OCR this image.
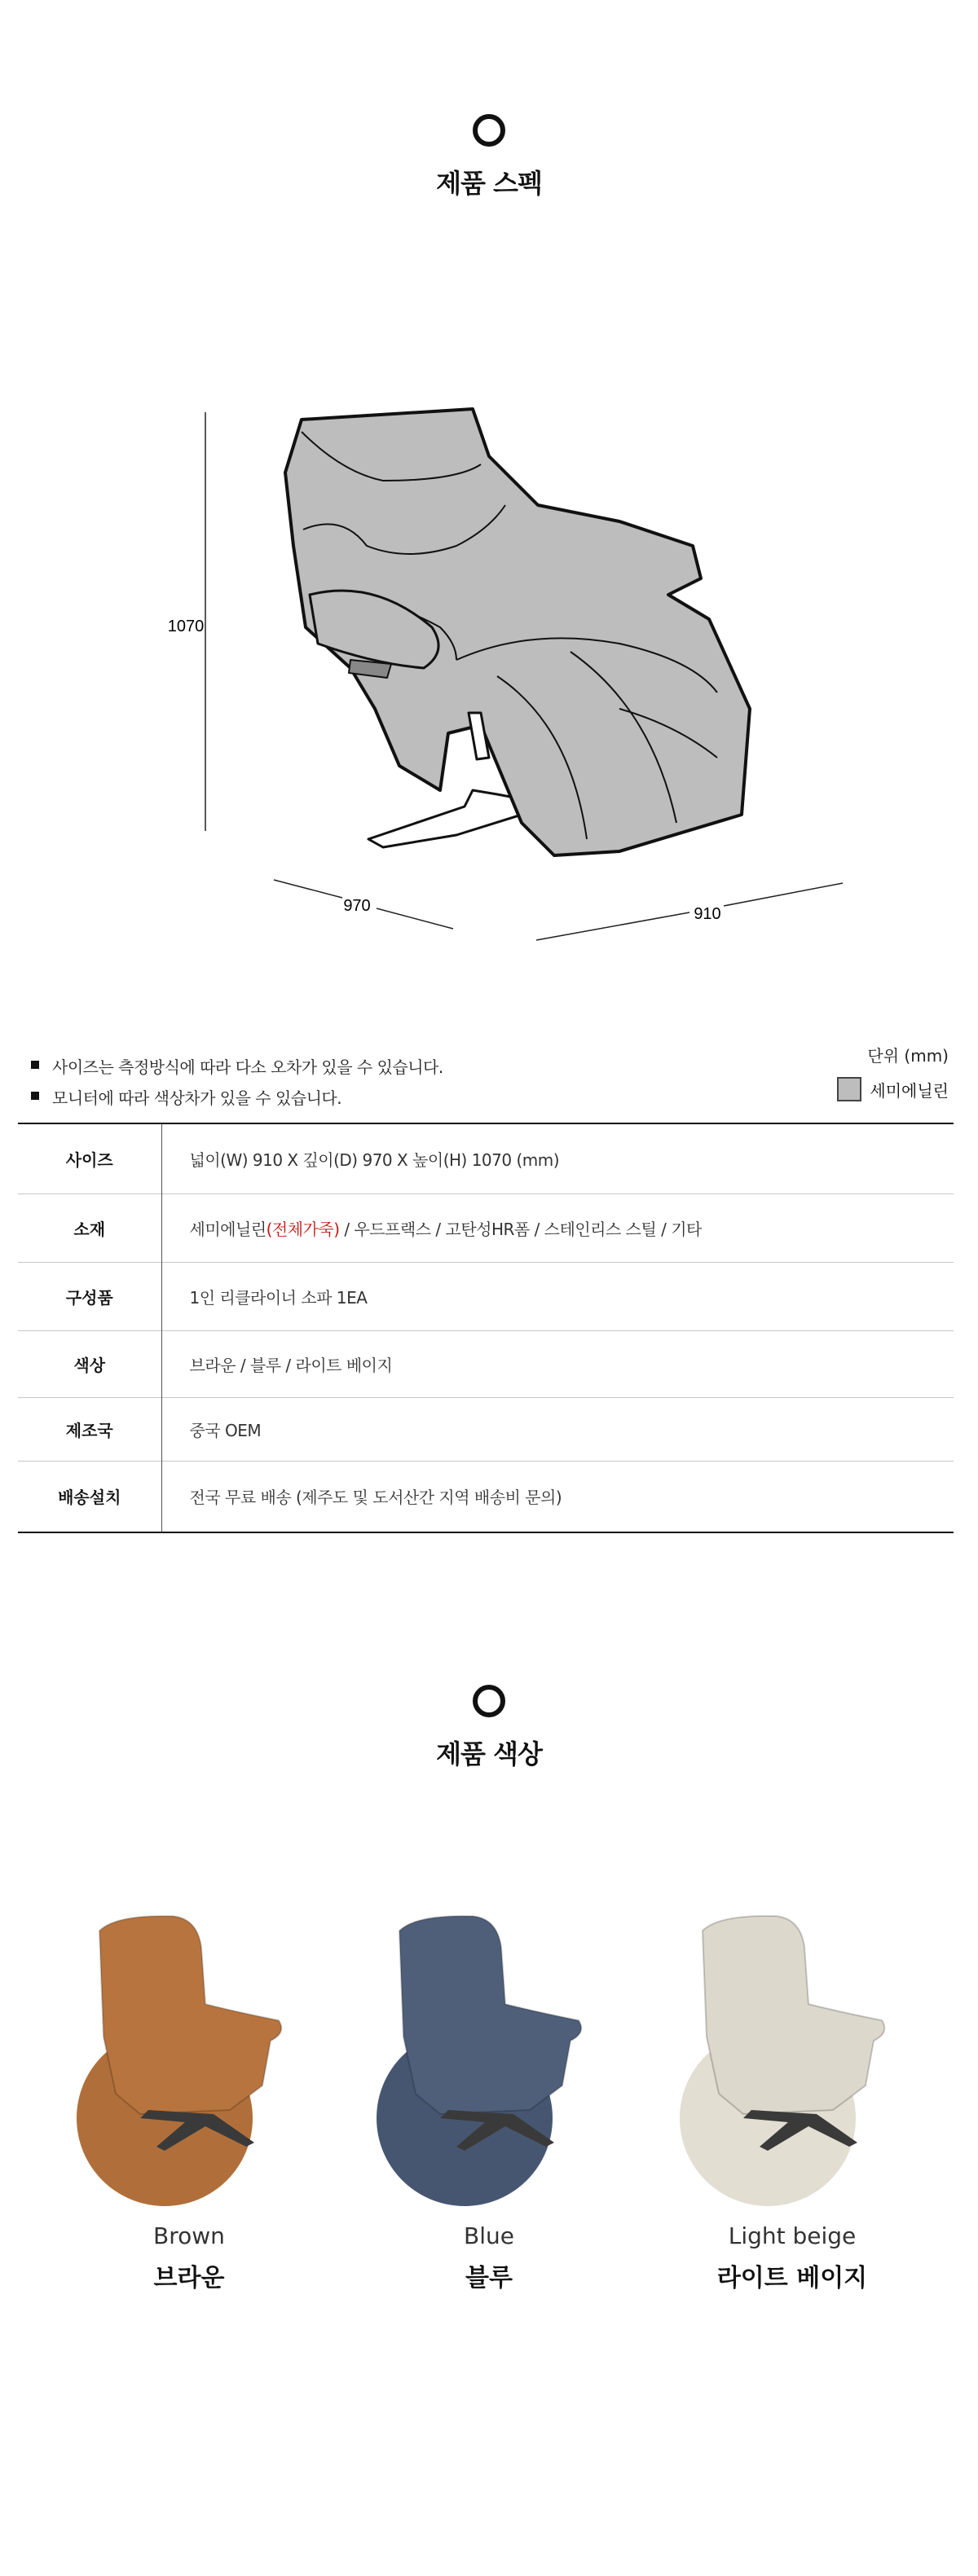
제품 스펙
1070
970	910
사이즈는 측정방식에 따라 다소 오차가 있을 수 있습니다.
모니터에 따라 색상차가 있을 수 있습니다.
단위 (mm)
세미에닐린
사이즈	넓이(W) 910 X 깊이(D) 970 X 높이(H) 1070 (mm)
소재	세미에닐린(전체가죽) / 우드프랙스 / 고탄성HR폼 / 스테인리스 스틸 / 기타
구성품	1인 리클라이너 소파 1EA
색상	브라운 / 블루 / 라이트 베이지
제조국	중국 OEM
배송설치	전국 무료 배송 (제주도 및 도서산간 지역 배송비 문의)
제품 색상
Brown
브라운
Blue
블루
Light beige
라이트 베이지
